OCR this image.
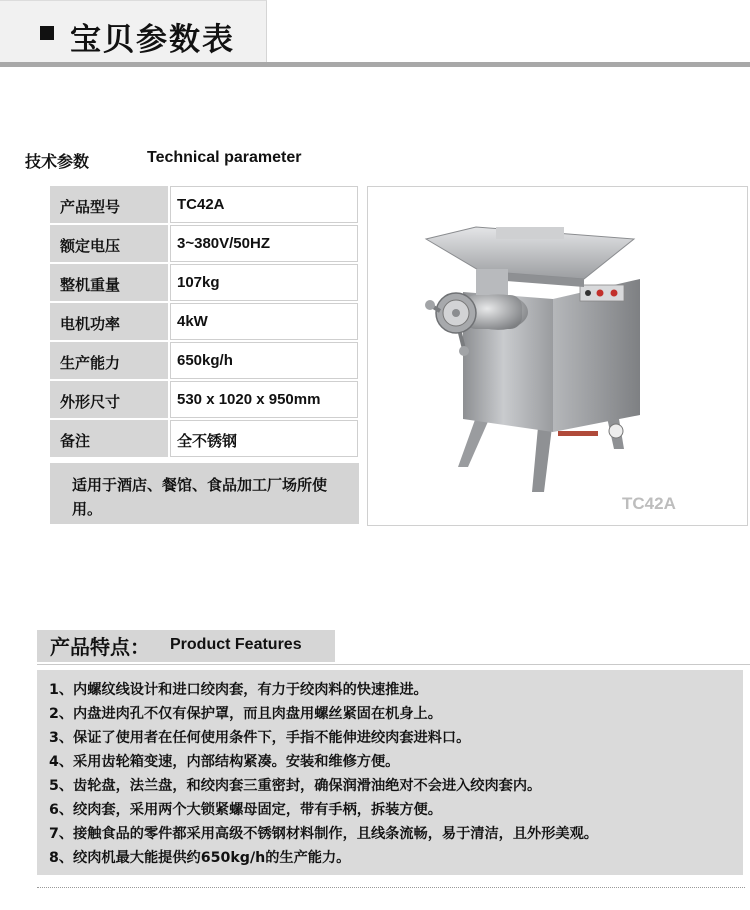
宝贝参数表
技术参数	Technical parameter
产品型号	TC42A
额定电压	3~380V/50HZ
整机重量	107kg
电机功率	4kW
生产能力	650kg/h
外形尺寸	530 x 1020 x 950mm
备注	全不锈钢
适用于酒店、餐馆、食品加工厂场所使用。	TC42A
产品特点： Product Features
1、内螺纹线设计和进口绞肉套，有力于绞肉料的快速推进。
2、内盘进肉孔不仅有保护罩，而且肉盘用螺丝紧固在机身上。
3、保证了使用者在任何使用条件下，手指不能伸进绞肉套进料口。
4、采用齿轮箱变速，内部结构紧凑。安装和维修方便。
5、齿轮盘，法兰盘，和绞肉套三重密封，确保润滑油绝对不会进入绞肉套内。
6、绞肉套，采用两个大锁紧螺母固定，带有手柄，拆装方便。
7、接触食品的零件都采用高级不锈钢材料制作，且线条流畅，易于清洁，且外形美观。
8、绞肉机最大能提供约650kg/h的生产能力。
